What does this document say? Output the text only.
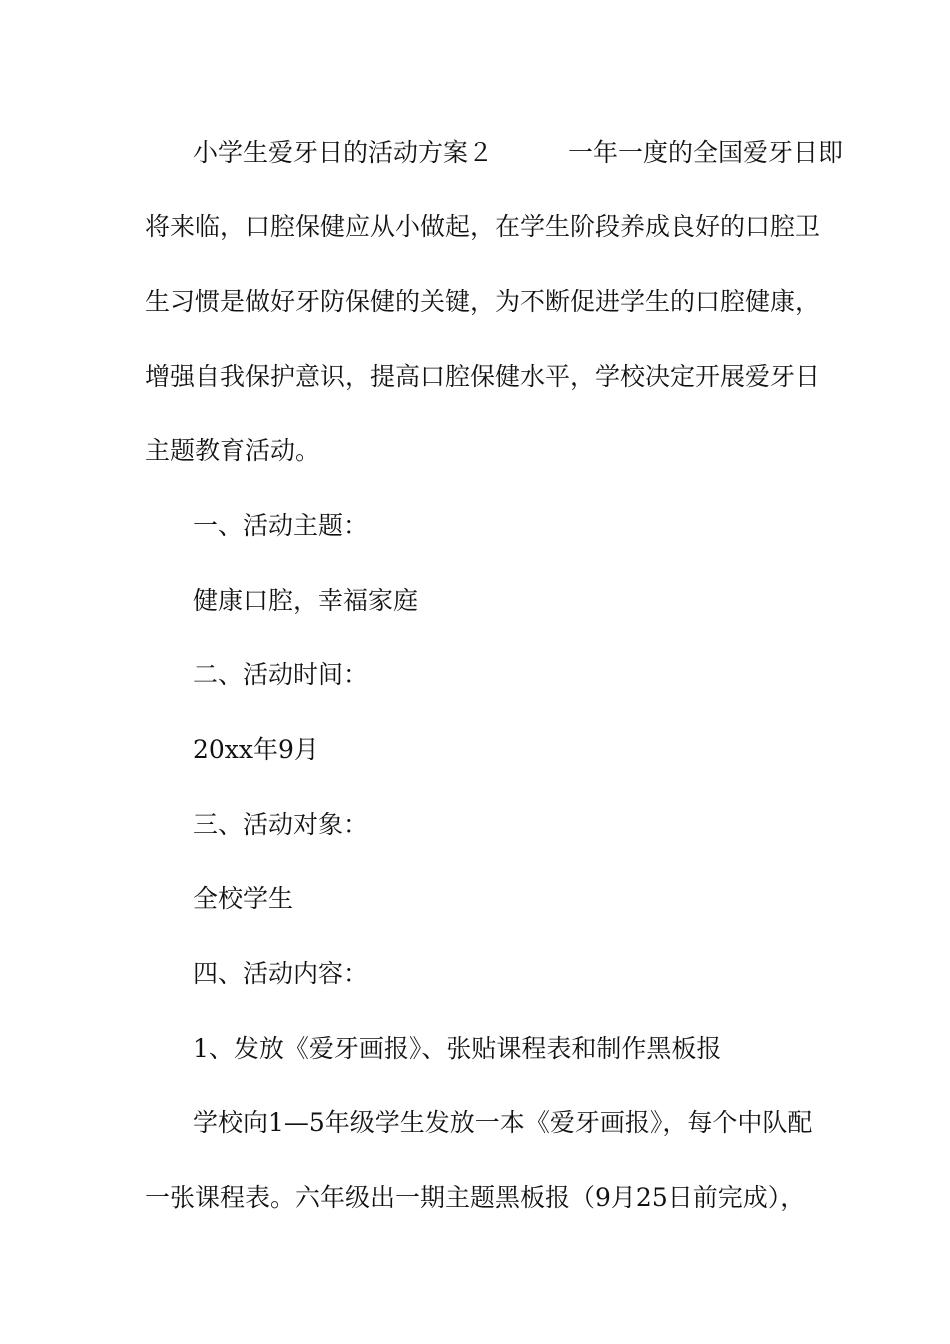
小学生爱牙日的活动方案２　　　一年一度的全国爱牙日即
将来临，口腔保健应从小做起，在学生阶段养成良好的口腔卫
生习惯是做好牙防保健的关键，为不断促进学生的口腔健康，
增强自我保护意识，提高口腔保健水平，学校决定开展爱牙日
主题教育活动。
一、活动主题：
健康口腔，幸福家庭
二、活动时间：
20xx年9月
三、活动对象：
全校学生
四、活动内容：
1、发放《爱牙画报》、张贴课程表和制作黑板报
学校向1—5年级学生发放一本《爱牙画报》，每个中队配
一张课程表。六年级出一期主题黑板报（9月25日前完成），
